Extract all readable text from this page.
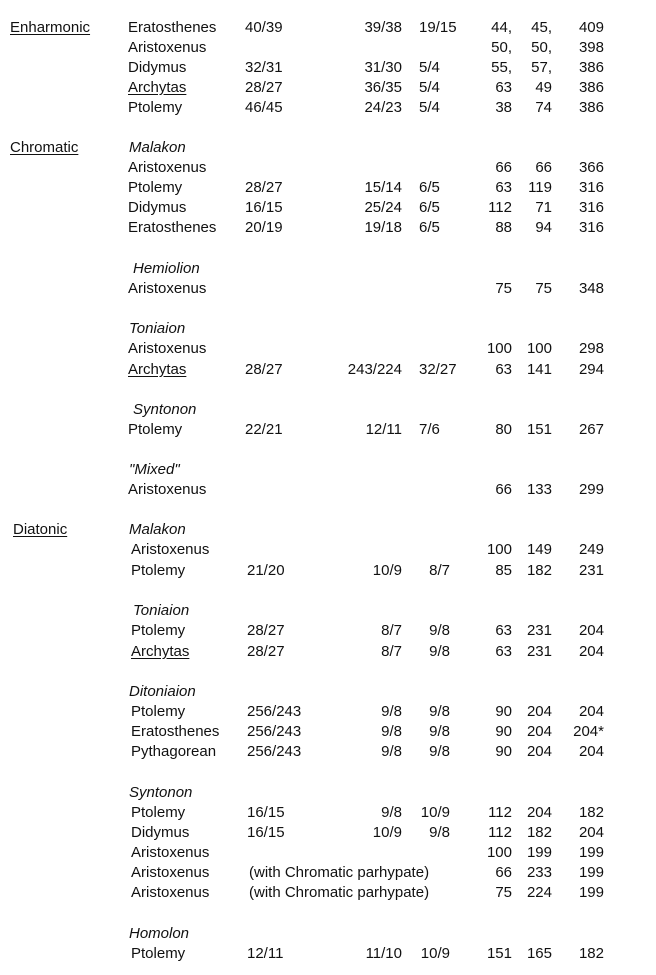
Enharmonic	Eratosthenes 40/39	39/38 19/15 44, 45, 409
Aristoxenus	50, 50, 398
Didymus	32/31	31/30 5/4	55, 57, 386
Archytas	28/27	36/35 5/4	63 49 386
Ptolemy	46/45	24/23 5/4	38 74 386
Chromatic	Malakon
Aristoxenus	66 66 366
Ptolemy	28/27	15/14 6/5	63 119 316
Didymus	16/15	25/24 6/5	112 71 316
Eratosthenes 20/19	19/18 6/5	88 94 316
Hemiolion
Aristoxenus	75 75 348
Toniaion
Aristoxenus	100 100 298
Archytas	28/27	243/224 32/27	63 141 294
Syntonon
Ptolemy	22/21	12/11 7/6	80 151 267
"Mixed"
Aristoxenus	66 133 299
Diatonic	Malakon
Aristoxenus	100 149 249
Ptolemy	21/20	10/9 8/7	85 182 231
Toniaion
Ptolemy	28/27	8/7 9/8	63 231 204
Archytas	28/27	8/7 9/8	63 231 204
Ditoniaion
Ptolemy	256/243	9/8 9/8	90 204 204
Eratosthenes 256/243	9/8 9/8	90 204 204*
Pythagorean 256/243	9/8 9/8	90 204 204
Syntonon
Ptolemy	16/15	9/8 10/9	112 204 182
Didymus	16/15	10/9 9/8	112 182 204
Aristoxenus	100 199 199
Aristoxenus	(with Chromatic parhypate)	66 233 199
Aristoxenus	(with Chromatic parhypate)	75 224 199
Homolon
Ptolemy	12/11	11/10 10/9 151 165 182
